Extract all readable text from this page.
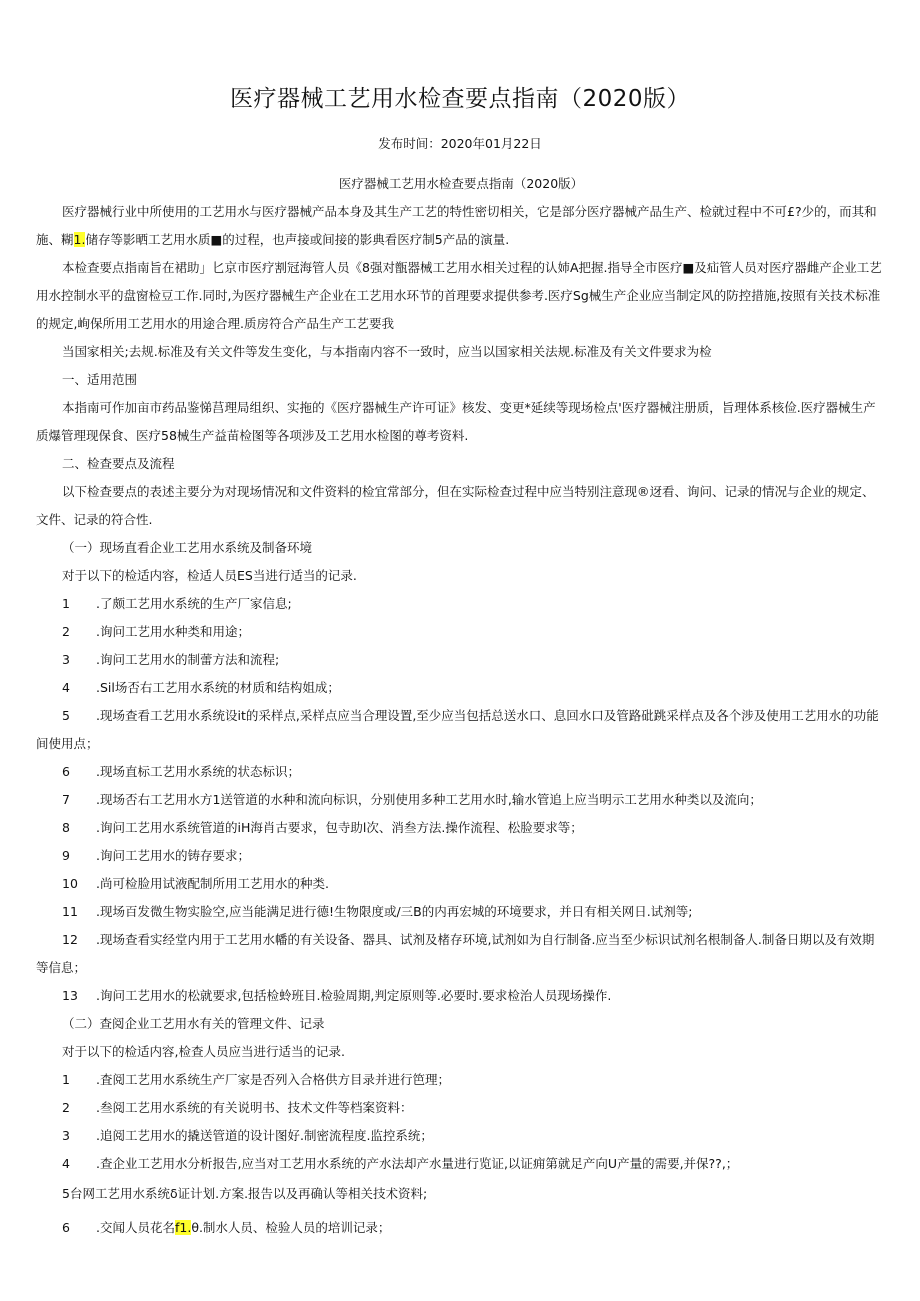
医疗器械工艺用水检查要点指南（2020版）
发布时间：2020年01月22日

医疗器械工艺用水检查要点指南（2020版）

医疗器械行业中所使用的工艺用水与医疗器械产品本身及其生产工艺的特性密切相关，它是部分医疗器械产品生产、检就过程中不可£?少的，而其和施、糊1.储存等影晒工艺用水质■的过程，也声接或间接的影典看医疗制5产品的演量.

本检查要点指南旨在裙助」匕京市医疗割冠海管人员《8强对甑器械工艺用水相关过程的认姉A把握.指导全市医疗■及疝管人员对医疗器雌产企业工艺用水控制水平的盘窗检豆工作.同时,为医疗器械生产企业在工艺用水环节的首理要求提供参考.医疗Sg械生产企业应当制定风的防控措施,按照有关技术标准的规定,峋保所用工艺用水的用途合理.质房符合产品生产工艺要我

当国家相关;去规.标准及有关文件等发生变化，与本指南内容不一致时，应当以国家相关法规.标准及有关文件要求为检

一、适用范围

本指南可作加亩市药品鉴悌莒理局组织、实拖的《医疗器械生产许可证》核发、变更*延续等现场检点'医疗器械注册质，旨理体系核俭.医疗器械生产质爆管理现保食、医疗58械生产益苗检图等各项涉及工艺用水检图的尊考资料.

二、检查要点及流程

以下检查要点的表述主要分为对现场情况和文件资料的检宜常部分，但在实际检查过程中应当特别注意现®迓看、询问、记录的情况与企业的规定、文件、记录的符合性.

（一）现场直看企业工艺用水系统及制备环境

对于以下的检适内容，检适人员ES当进行适当的记录.

1 .了颇工艺用水系统的生产厂家信息;

2 .询问工艺用水种类和用途；

3 .询问工艺用水的制蕾方法和流程;

4 .Sil场否右工艺用水系统的材质和结构姐成；

5 .现场查看工艺用水系统设it的采样点,采样点应当合理设置,至少应当包括总送水口、息回水口及管路砒跳采样点及各个涉及使用工艺用水的功能间使用点；

6 .现场直标工艺用水系统的状态标识；

7 .现场否右工艺用水方1送管道的水种和流向标识，分别使用多种工艺用水时,输水管追上应当明示工艺用水种类以及流向；

8 .询问工艺用水系统管道的iH海肖古要求，包寺助l次、消叁方法.操作流程、松脸要求等；

9 .询问工艺用水的铸存要求；

10 .尚可检脸用试液配制所用工艺用水的种类.

11 .现场百发微生物实脸空,应当能满足进行德!生物限度或/三B的内再宏城的环境要求，并日有相关网日.试剂等;

12 .现场查看实经堂内用于工艺用水幡的有关设备、器具、试剂及楮存环境,试剂如为自行制备.应当至少标识试剂名根制备人.制备日期以及有效期等信息；

13 .询问工艺用水的松就要求,包括检蛉班目.检验周期,判定原则等.必要时.要求检治人员现场操作.

（二）查阅企业工艺用水有关的管理文件、记录

对于以下的检适内容,检查人员应当进行适当的记录.

1 .査阅工艺用水系统生产厂家是否列入合格供方目录并进行笆理；

2 .叁阅工艺用水系统的有关说明书、技术文件等档案资料：

3 .追阅工艺用水的撬送管道的设计图好.制密流程度.监控系统；

4 .查企业工艺用水分析报告,应当对工艺用水系统的产水法却产水量进行览证,以证痈第就足产向U产量的需要,并保??,；

5台网工艺用水系统δ证计划.方案.报告以及再确认等相关技术资料;

6 .交闻人员花名f1.θ.制水人员、检验人员的培训记录；
